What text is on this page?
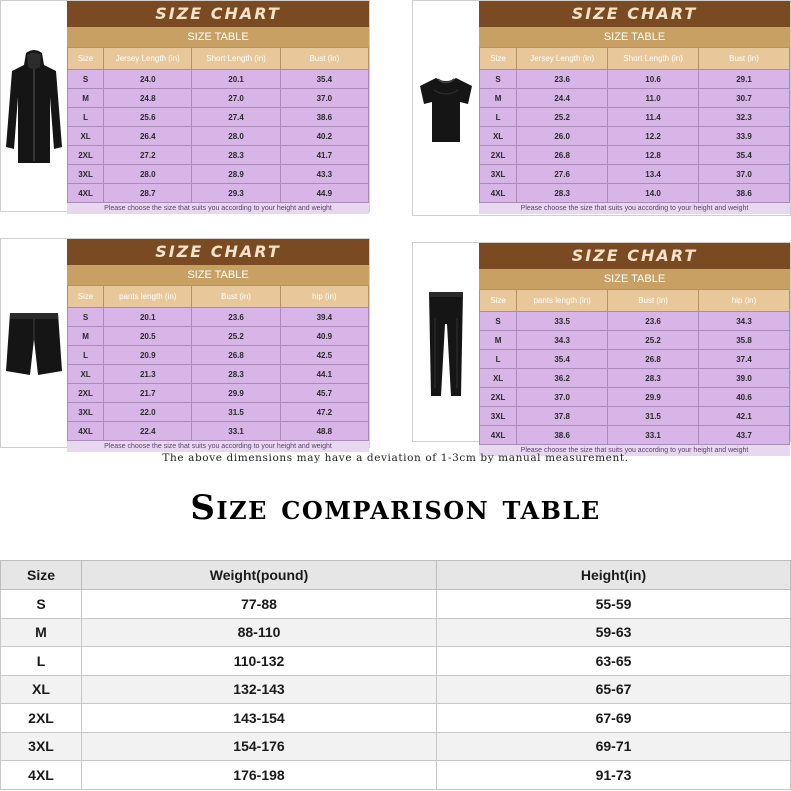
SIZE CHART
SIZE TABLE
Size	Jersey Length (in)	Short Length (in)	Bust (in)
S	24.0	20.1	35.4
M	24.8	27.0	37.0
L	25.6	27.4	38.6
XL	26.4	28.0	40.2
2XL	27.2	28.3	41.7
3XL	28.0	28.9	43.3
4XL	28.7	29.3	44.9
Please choose the size that suits you according to your height and weight
SIZE CHART
SIZE TABLE
Size	Jersey Length (in)	Short Length (in)	Bust (in)
S	23.6	10.6	29.1
M	24.4	11.0	30.7
L	25.2	11.4	32.3
XL	26.0	12.2	33.9
2XL	26.8	12.8	35.4
3XL	27.6	13.4	37.0
4XL	28.3	14.0	38.6
Please choose the size that suits you according to your height and weight
SIZE CHART
SIZE TABLE
Size	pants length (in)	Bust (in)	hip (in)
S	20.1	23.6	39.4
M	20.5	25.2	40.9
L	20.9	26.8	42.5
XL	21.3	28.3	44.1
2XL	21.7	29.9	45.7
3XL	22.0	31.5	47.2
4XL	22.4	33.1	48.8
Please choose the size that suits you according to your height and weight
SIZE CHART
SIZE TABLE
Size	pants length (in)	Bust (in)	hip (in)
S	33.5	23.6	34.3
M	34.3	25.2	35.8
L	35.4	26.8	37.4
XL	36.2	28.3	39.0
2XL	37.0	29.9	40.6
3XL	37.8	31.5	42.1
4XL	38.6	33.1	43.7
Please choose the size that suits you according to your height and weight
The above dimensions may have a deviation of 1-3cm by manual measurement.
Size comparison table
Size	Weight(pound)	Height(in)
S	77-88	55-59
M	88-110	59-63
L	110-132	63-65
XL	132-143	65-67
2XL	143-154	67-69
3XL	154-176	69-71
4XL	176-198	91-73
